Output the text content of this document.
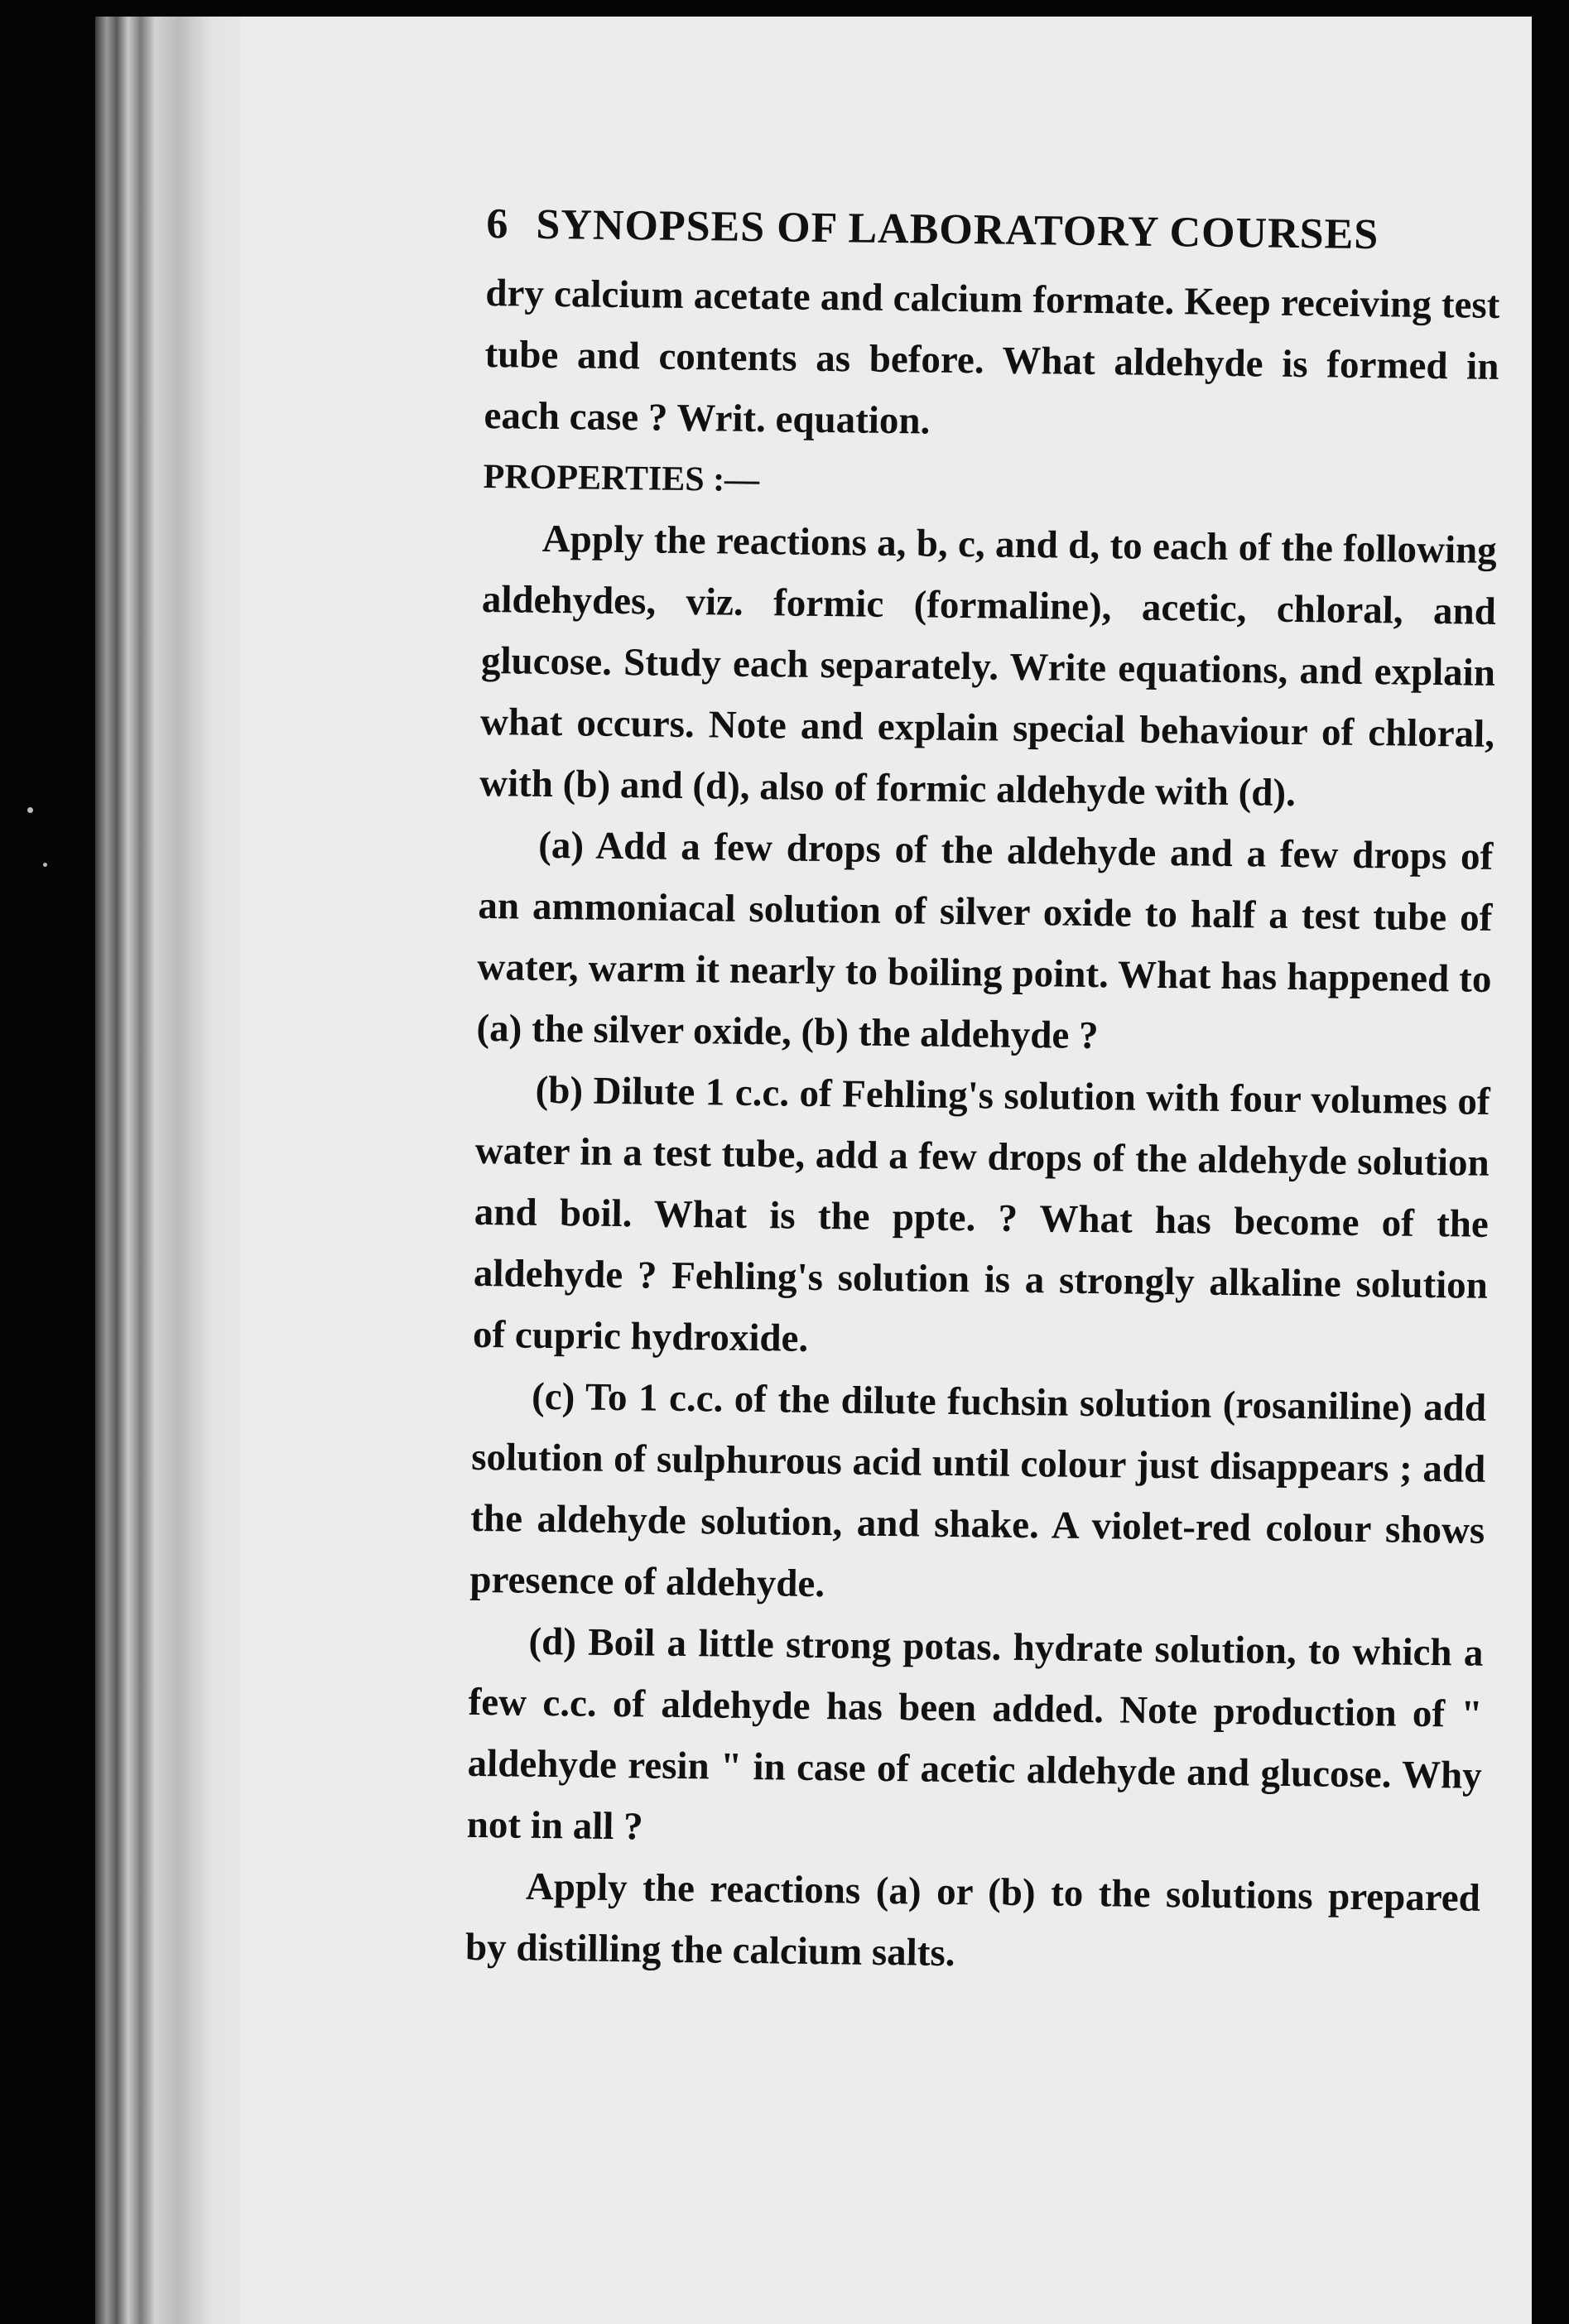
6 SYNOPSES OF LABORATORY COURSES

dry calcium acetate and calcium formate. Keep receiving test tube and contents as before. What aldehyde is formed in each case ? Writ. equation.

PROPERTIES :—

Apply the reactions a, b, c, and d, to each of the following aldehydes, viz. formic (formaline), acetic, chloral, and glucose. Study each separately. Write equations, and explain what occurs. Note and explain special behaviour of chloral, with (b) and (d), also of formic aldehyde with (d).

(a) Add a few drops of the aldehyde and a few drops of an ammoniacal solution of silver oxide to half a test tube of water, warm it nearly to boiling point. What has happened to (a) the silver oxide, (b) the aldehyde ?

(b) Dilute 1 c.c. of Fehling's solution with four volumes of water in a test tube, add a few drops of the aldehyde solution and boil. What is the ppte. ? What has become of the aldehyde ? Fehling's solution is a strongly alkaline solution of cupric hydroxide.

(c) To 1 c.c. of the dilute fuchsin solution (rosaniline) add solution of sulphurous acid until colour just disappears ; add the aldehyde solution, and shake. A violet-red colour shows presence of aldehyde.

(d) Boil a little strong potas. hydrate solution, to which a few c.c. of aldehyde has been added. Note production of " aldehyde resin " in case of acetic aldehyde and glucose. Why not in all ?

Apply the reactions (a) or (b) to the solutions prepared by distilling the calcium salts.
